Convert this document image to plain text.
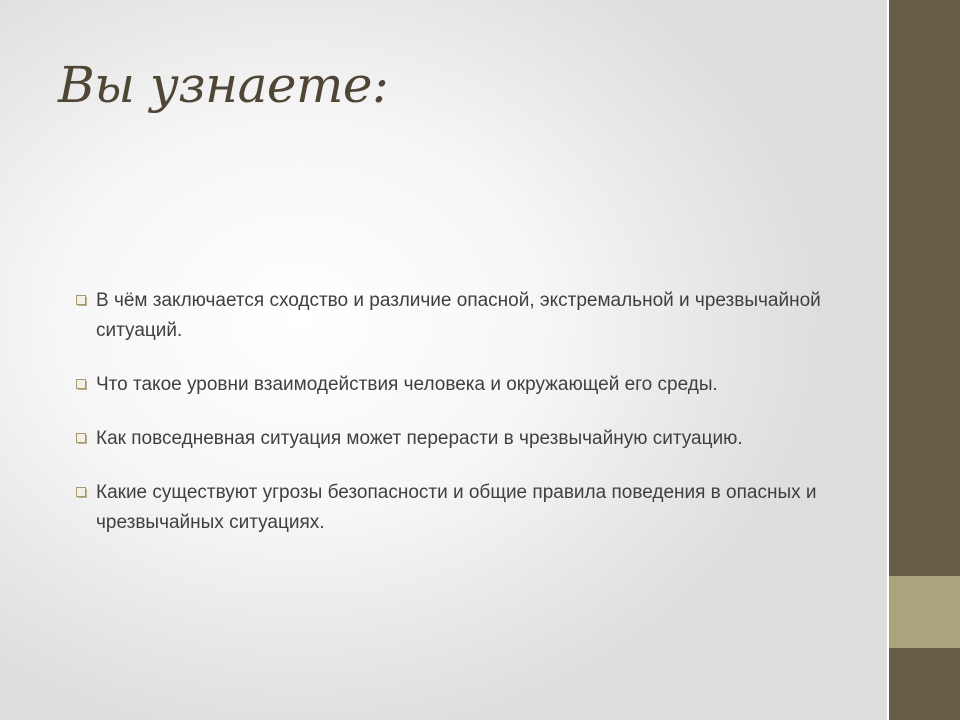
Вы узнаете:
В чём заключается сходство и различие опасной, экстремальной и чрезвычайной ситуаций.
Что такое уровни взаимодействия человека и окружающей его среды.
Как повседневная ситуация может перерасти в чрезвычайную ситуацию.
Какие существуют угрозы безопасности и общие правила поведения в опасных и чрезвычайных ситуациях.
